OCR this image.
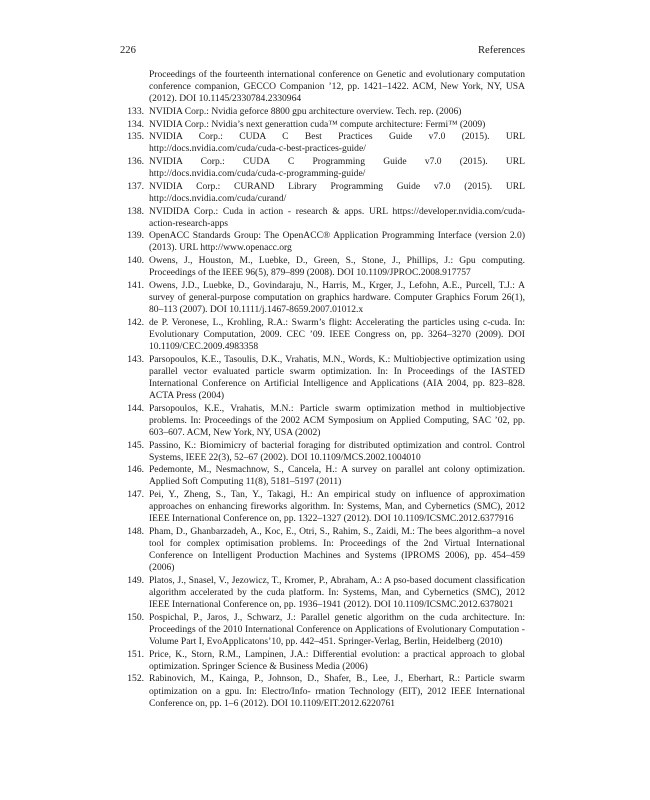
226	References
Proceedings of the fourteenth international conference on Genetic and evolutionary computation conference companion, GECCO Companion ’12, pp. 1421–1422. ACM, New York, NY, USA (2012). DOI 10.1145/2330784.2330964
133. NVIDIA Corp.: Nvidia geforce 8800 gpu architecture overview. Tech. rep. (2006)
134. NVIDIA Corp.: Nvidia’s next generattion cuda™ compute architecture: Fermi™ (2009)
135. NVIDIA Corp.: CUDA C Best Practices Guide v7.0 (2015). URL http://docs.nvidia.com/cuda/cuda-c-best-practices-guide/
136. NVIDIA Corp.: CUDA C Programming Guide v7.0 (2015). URL http://docs.nvidia.com/cuda/cuda-c-programming-guide/
137. NVIDIA Corp.: CURAND Library Programming Guide v7.0 (2015). URL http://docs.nvidia.com/cuda/curand/
138. NVIDIDA Corp.: Cuda in action - research & apps. URL https://developer.nvidia.com/cuda-action-research-apps
139. OpenACC Standards Group: The OpenACC® Application Programming Interface (version 2.0) (2013). URL http://www.openacc.org
140. Owens, J., Houston, M., Luebke, D., Green, S., Stone, J., Phillips, J.: Gpu computing. Proceedings of the IEEE 96(5), 879–899 (2008). DOI 10.1109/JPROC.2008.917757
141. Owens, J.D., Luebke, D., Govindaraju, N., Harris, M., Krger, J., Lefohn, A.E., Purcell, T.J.: A survey of general-purpose computation on graphics hardware. Computer Graphics Forum 26(1), 80–113 (2007). DOI 10.1111/j.1467-8659.2007.01012.x
142. de P. Veronese, L., Krohling, R.A.: Swarm’s flight: Accelerating the particles using c-cuda. In: Evolutionary Computation, 2009. CEC ’09. IEEE Congress on, pp. 3264–3270 (2009). DOI 10.1109/CEC.2009.4983358
143. Parsopoulos, K.E., Tasoulis, D.K., Vrahatis, M.N., Words, K.: Multiobjective optimization using parallel vector evaluated particle swarm optimization. In: In Proceedings of the IASTED International Conference on Artificial Intelligence and Applications (AIA 2004, pp. 823–828. ACTA Press (2004)
144. Parsopoulos, K.E., Vrahatis, M.N.: Particle swarm optimization method in multiobjective problems. In: Proceedings of the 2002 ACM Symposium on Applied Computing, SAC ’02, pp. 603–607. ACM, New York, NY, USA (2002)
145. Passino, K.: Biomimicry of bacterial foraging for distributed optimization and control. Control Systems, IEEE 22(3), 52–67 (2002). DOI 10.1109/MCS.2002.1004010
146. Pedemonte, M., Nesmachnow, S., Cancela, H.: A survey on parallel ant colony optimization. Applied Soft Computing 11(8), 5181–5197 (2011)
147. Pei, Y., Zheng, S., Tan, Y., Takagi, H.: An empirical study on influence of approximation approaches on enhancing fireworks algorithm. In: Systems, Man, and Cybernetics (SMC), 2012 IEEE International Conference on, pp. 1322–1327 (2012). DOI 10.1109/ICSMC.2012.6377916
148. Pham, D., Ghanbarzadeh, A., Koc, E., Otri, S., Rahim, S., Zaidi, M.: The bees algorithm–a novel tool for complex optimisation problems. In: Proceedings of the 2nd Virtual International Conference on Intelligent Production Machines and Systems (IPROMS 2006), pp. 454–459 (2006)
149. Platos, J., Snasel, V., Jezowicz, T., Kromer, P., Abraham, A.: A pso-based document classification algorithm accelerated by the cuda platform. In: Systems, Man, and Cybernetics (SMC), 2012 IEEE International Conference on, pp. 1936–1941 (2012). DOI 10.1109/ICSMC.2012.6378021
150. Pospichal, P., Jaros, J., Schwarz, J.: Parallel genetic algorithm on the cuda architecture. In: Proceedings of the 2010 International Conference on Applications of Evolutionary Computation - Volume Part I, EvoApplicatons’10, pp. 442–451. Springer-Verlag, Berlin, Heidelberg (2010)
151. Price, K., Storn, R.M., Lampinen, J.A.: Differential evolution: a practical approach to global optimization. Springer Science & Business Media (2006)
152. Rabinovich, M., Kainga, P., Johnson, D., Shafer, B., Lee, J., Eberhart, R.: Particle swarm optimization on a gpu. In: Electro/Info- rmation Technology (EIT), 2012 IEEE International Conference on, pp. 1–6 (2012). DOI 10.1109/EIT.2012.6220761
